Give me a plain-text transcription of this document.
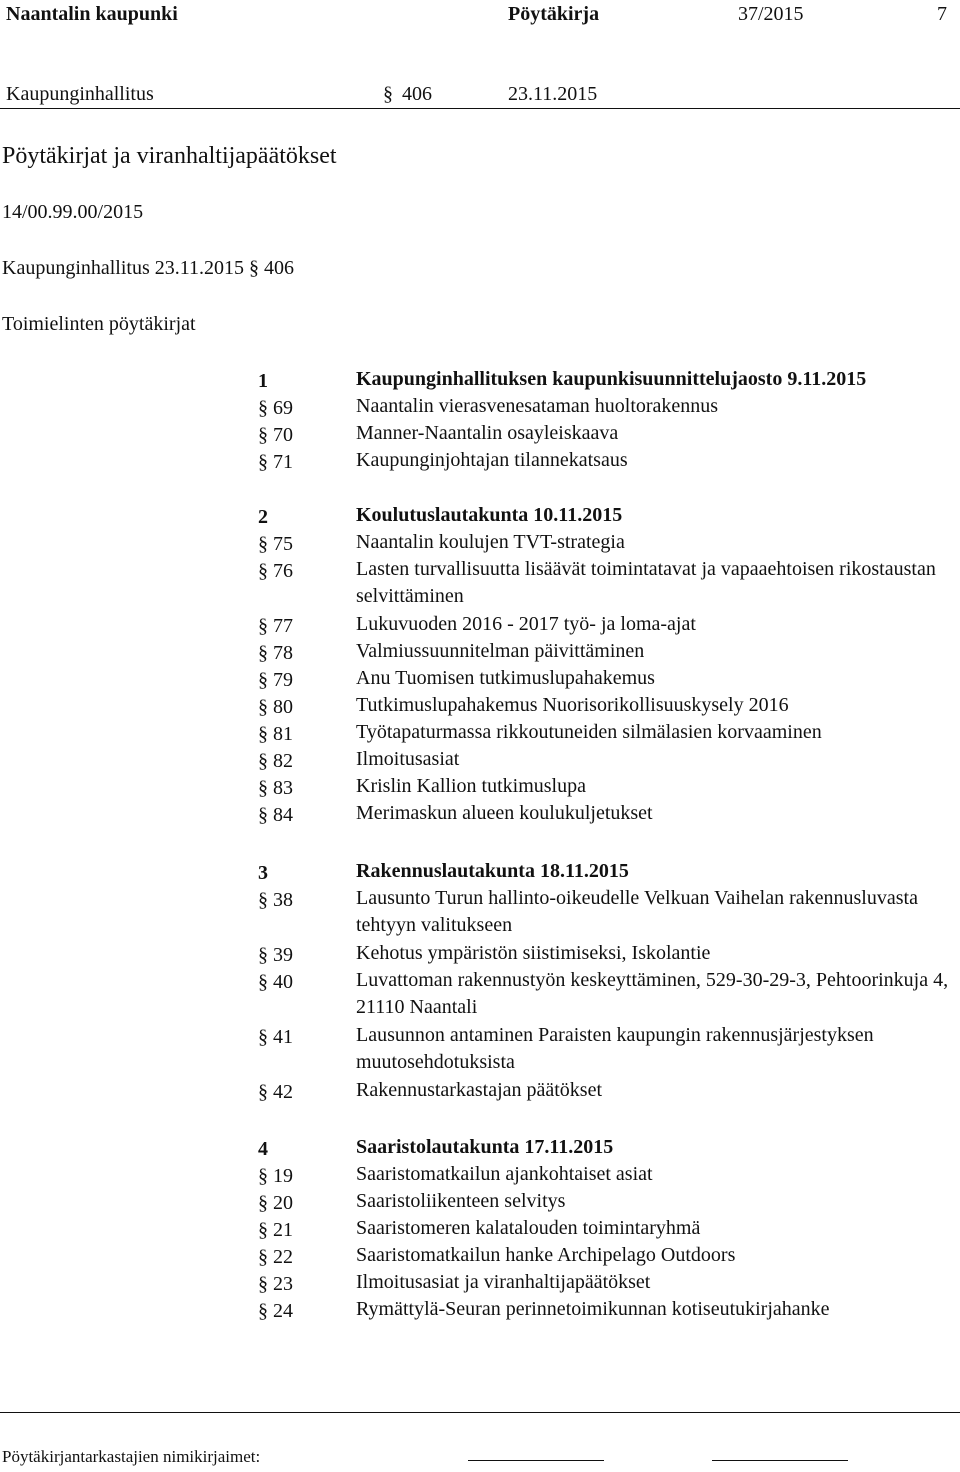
Naantalin kaupunki	Pöytäkirja	37/2015	7
Kaupunginhallitus	§ 406	23.11.2015
Pöytäkirjat ja viranhaltijapäätökset
14/00.99.00/2015
Kaupunginhallitus 23.11.2015 § 406
Toimielinten pöytäkirjat
1	Kaupunginhallituksen kaupunkisuunnittelujaosto 9.11.2015
§ 69	Naantalin vierasvenesataman huoltorakennus
§ 70	Manner-Naantalin osayleiskaava
§ 71	Kaupunginjohtajan tilannekatsaus
2	Koulutuslautakunta 10.11.2015
§ 75	Naantalin koulujen TVT-strategia
§ 76	Lasten turvallisuutta lisäävät toimintatavat ja vapaaehtoisen rikostaustan selvittäminen
§ 77	Lukuvuoden 2016 - 2017 työ- ja loma-ajat
§ 78	Valmiussuunnitelman päivittäminen
§ 79	Anu Tuomisen tutkimuslupahakemus
§ 80	Tutkimuslupahakemus Nuorisorikollisuuskysely 2016
§ 81	Työtapaturmassa rikkoutuneiden silmälasien korvaaminen
§ 82	Ilmoitusasiat
§ 83	Krislin Kallion tutkimuslupa
§ 84	Merimaskun alueen koulukuljetukset
3	Rakennuslautakunta 18.11.2015
§ 38	Lausunto Turun hallinto-oikeudelle Velkuan Vaihelan rakennusluvasta tehtyyn valitukseen
§ 39	Kehotus ympäristön siistimiseksi, Iskolantie
§ 40	Luvattoman rakennustyön keskeyttäminen, 529-30-29-3, Pehtoorinkuja 4, 21110 Naantali
§ 41	Lausunnon antaminen Paraisten kaupungin rakennusjärjestyksen muutosehdotuksista
§ 42	Rakennustarkastajan päätökset
4	Saaristolautakunta 17.11.2015
§ 19	Saaristomatkailun ajankohtaiset asiat
§ 20	Saaristoliikenteen selvitys
§ 21	Saaristomeren kalatalouden toimintaryhmä
§ 22	Saaristomatkailun hanke Archipelago Outdoors
§ 23	Ilmoitusasiat ja viranhaltijapäätökset
§ 24	Rymättylä-Seuran perinnetoimikunnan kotiseutukirjahanke
Pöytäkirjantarkastajien nimikirjaimet:
